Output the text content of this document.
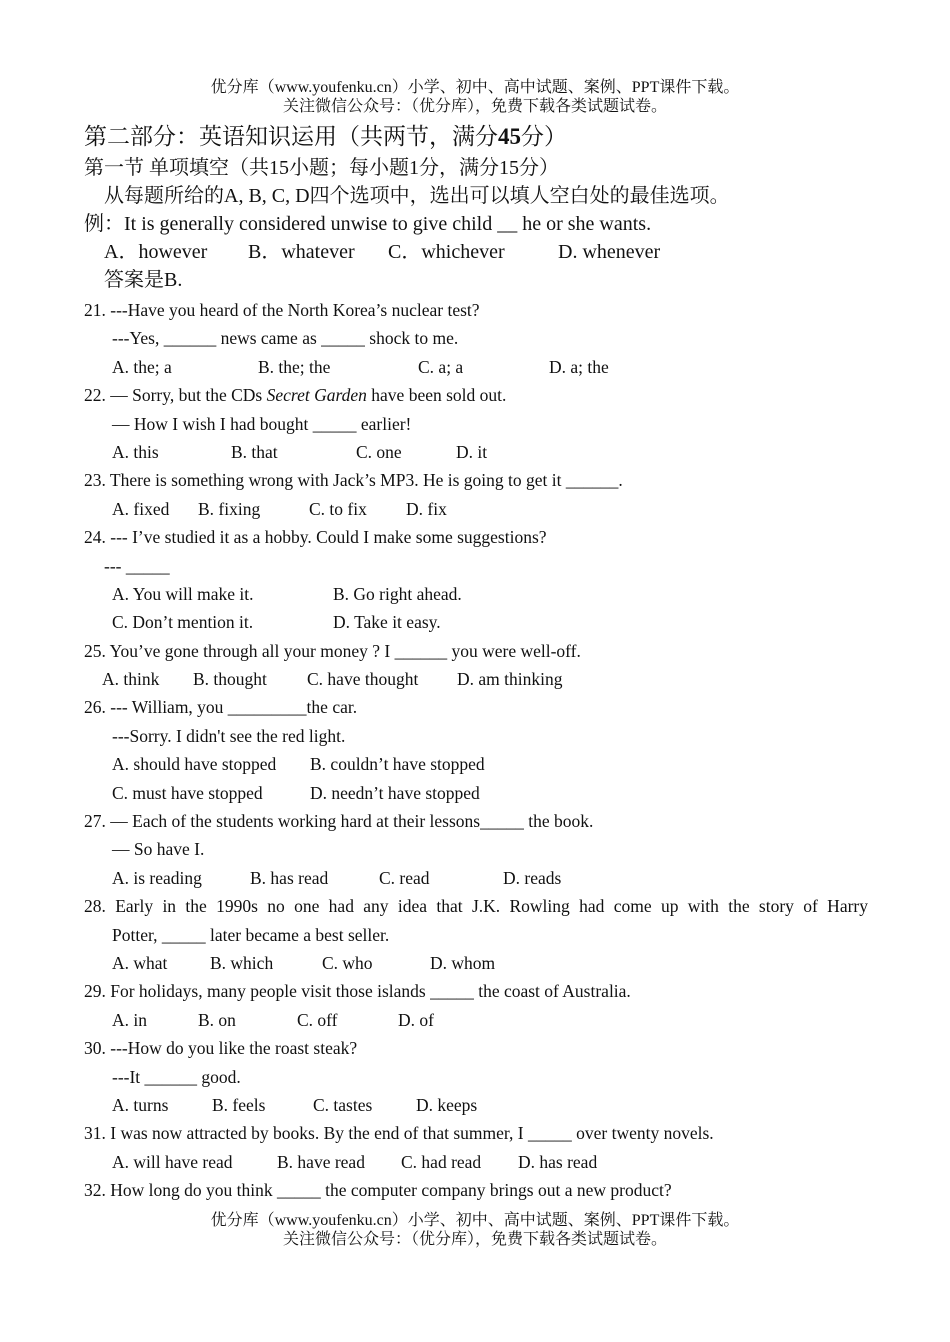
优分库（www.youfenku.cn）小学、初中、高中试题、案例、PPT课件下载。
关注微信公众号：（优分库），免费下载各类试题试卷。
第二部分：英语知识运用（共两节，满分45分）
第一节 单项填空（共15小题；每小题1分，满分15分）
从每题所给的A, B, C, D四个选项中，选出可以填人空白处的最佳选项。
例：It is generally considered unwise to give child __ he or she wants.
A．however B．whatever C．whichever	D. whenever
答案是B.
21. ---Have you heard of the North Korea’s nuclear test?
---Yes, ______ news came as _____ shock to me.
A. the; a	B. the; the	C. a; a	D. a; the
22. — Sorry, but the CDs Secret Garden have been sold out.
— How I wish I had bought _____ earlier!
A. this	B. that	C. one	D. it
23. There is something wrong with Jack’s MP3. He is going to get it ______.
A. fixed B. fixing	C. to fix D. fix
24. --- I’ve studied it as a hobby. Could I make some suggestions?
--- _____
A. You will make it.	B. Go right ahead.
C. Don’t mention it.	D. Take it easy.
25. You’ve gone through all your money ? I ______ you were well-off.
A. think B. thought C. have thought D. am thinking
26. --- William, you _________the car.
---Sorry. I didn't see the red light.
A. should have stopped B. couldn’t have stopped
C. must have stopped	D. needn’t have stopped
27. — Each of the students working hard at their lessons_____ the book.
— So have I.
A. is reading	B. has read	C. read	D. reads
28. Early in the 1990s no one had any idea that J.K. Rowling had come up with the story of Harry
Potter, _____ later became a best seller.
A. what B. which	C. who	D. whom
29. For holidays, many people visit those islands _____ the coast of Australia.
A. in	B. on	C. off	D. of
30. ---How do you like the roast steak?
---It ______ good.
A. turns B. feels	C. tastes D. keeps
31. I was now attracted by books. By the end of that summer, I _____ over twenty novels.
A. will have read	B. have read C. had read D. has read
32. How long do you think _____ the computer company brings out a new product?
优分库（www.youfenku.cn）小学、初中、高中试题、案例、PPT课件下载。
关注微信公众号：（优分库），免费下载各类试题试卷。
